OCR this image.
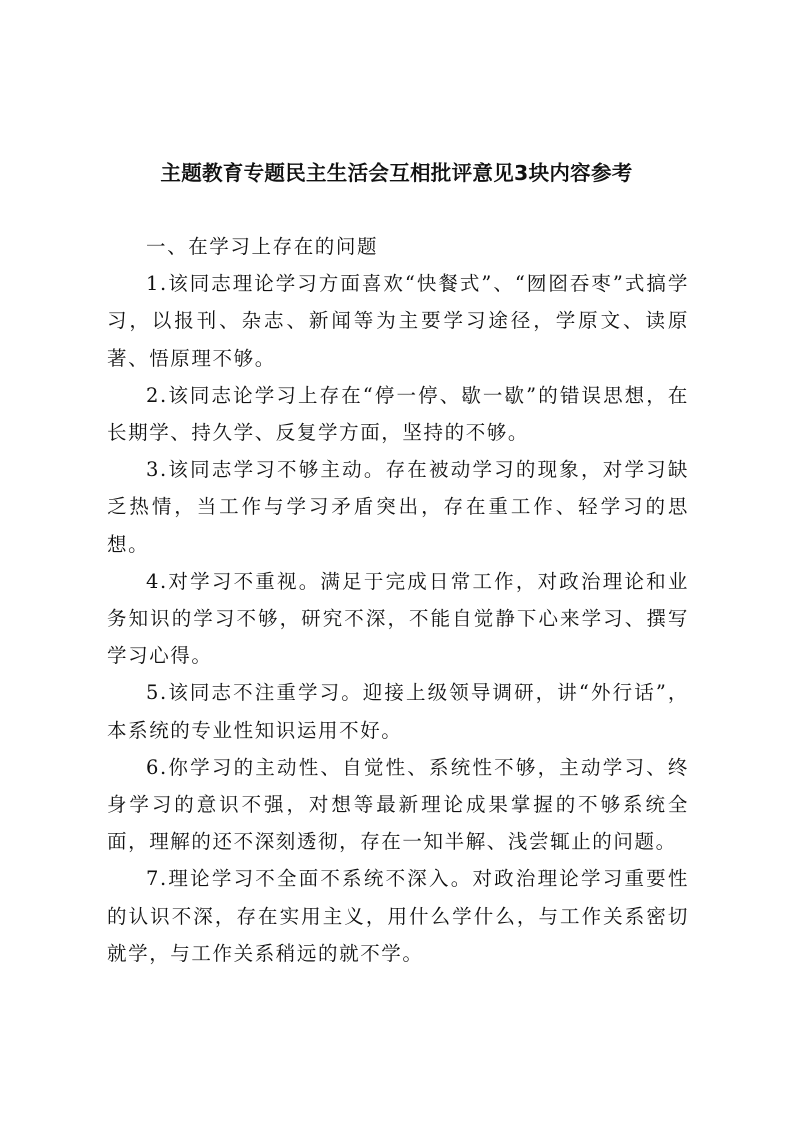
主题教育专题民主生活会互相批评意见3块内容参考
一、在学习上存在的问题

1.该同志理论学习方面喜欢“快餐式”、“囫囵吞枣”式搞学习，以报刊、杂志、新闻等为主要学习途径，学原文、读原著、悟原理不够。

2.该同志论学习上存在“停一停、歇一歇”的错误思想，在长期学、持久学、反复学方面，坚持的不够。

3.该同志学习不够主动。存在被动学习的现象，对学习缺乏热情，当工作与学习矛盾突出，存在重工作、轻学习的思想。

4.对学习不重视。满足于完成日常工作，对政治理论和业务知识的学习不够，研究不深，不能自觉静下心来学习、撰写学习心得。

5.该同志不注重学习。迎接上级领导调研，讲“外行话”，本系统的专业性知识运用不好。

6.你学习的主动性、自觉性、系统性不够，主动学习、终身学习的意识不强，对想等最新理论成果掌握的不够系统全面，理解的还不深刻透彻，存在一知半解、浅尝辄止的问题。

7.理论学习不全面不系统不深入。对政治理论学习重要性的认识不深，存在实用主义，用什么学什么，与工作关系密切就学，与工作关系稍远的就不学。
